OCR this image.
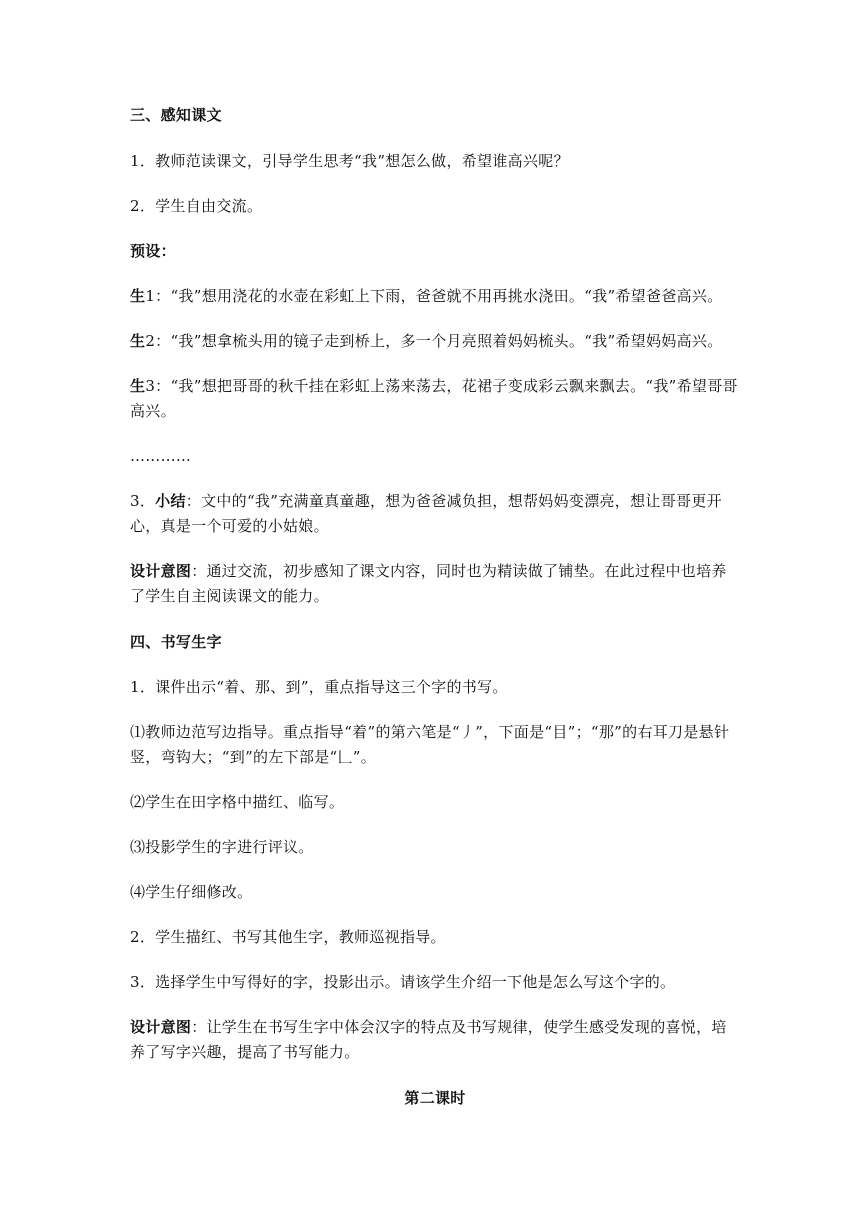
三、感知课文

1．教师范读课文，引导学生思考“我”想怎么做，希望谁高兴呢？

2．学生自由交流。

预设：

生1：“我”想用浇花的水壶在彩虹上下雨，爸爸就不用再挑水浇田。“我”希望爸爸高兴。

生2：“我”想拿梳头用的镜子走到桥上，多一个月亮照着妈妈梳头。“我”希望妈妈高兴。

生3：“我”想把哥哥的秋千挂在彩虹上荡来荡去，花裙子变成彩云飘来飘去。“我”希望哥哥高兴。

…………

3．小结：文中的“我”充满童真童趣，想为爸爸减负担，想帮妈妈变漂亮，想让哥哥更开心，真是一个可爱的小姑娘。

设计意图：通过交流，初步感知了课文内容，同时也为精读做了铺垫。在此过程中也培养了学生自主阅读课文的能力。

四、书写生字

1．课件出示“着、那、到”，重点指导这三个字的书写。

⑴教师边范写边指导。重点指导“着”的第六笔是“丿”，下面是“目”；“那”的右耳刀是悬针竖，弯钩大；“到”的左下部是“𠃊”。

⑵学生在田字格中描红、临写。

⑶投影学生的字进行评议。

⑷学生仔细修改。

2．学生描红、书写其他生字，教师巡视指导。

3．选择学生中写得好的字，投影出示。请该学生介绍一下他是怎么写这个字的。

设计意图：让学生在书写生字中体会汉字的特点及书写规律，使学生感受发现的喜悦，培养了写字兴趣，提高了书写能力。

第二课时
